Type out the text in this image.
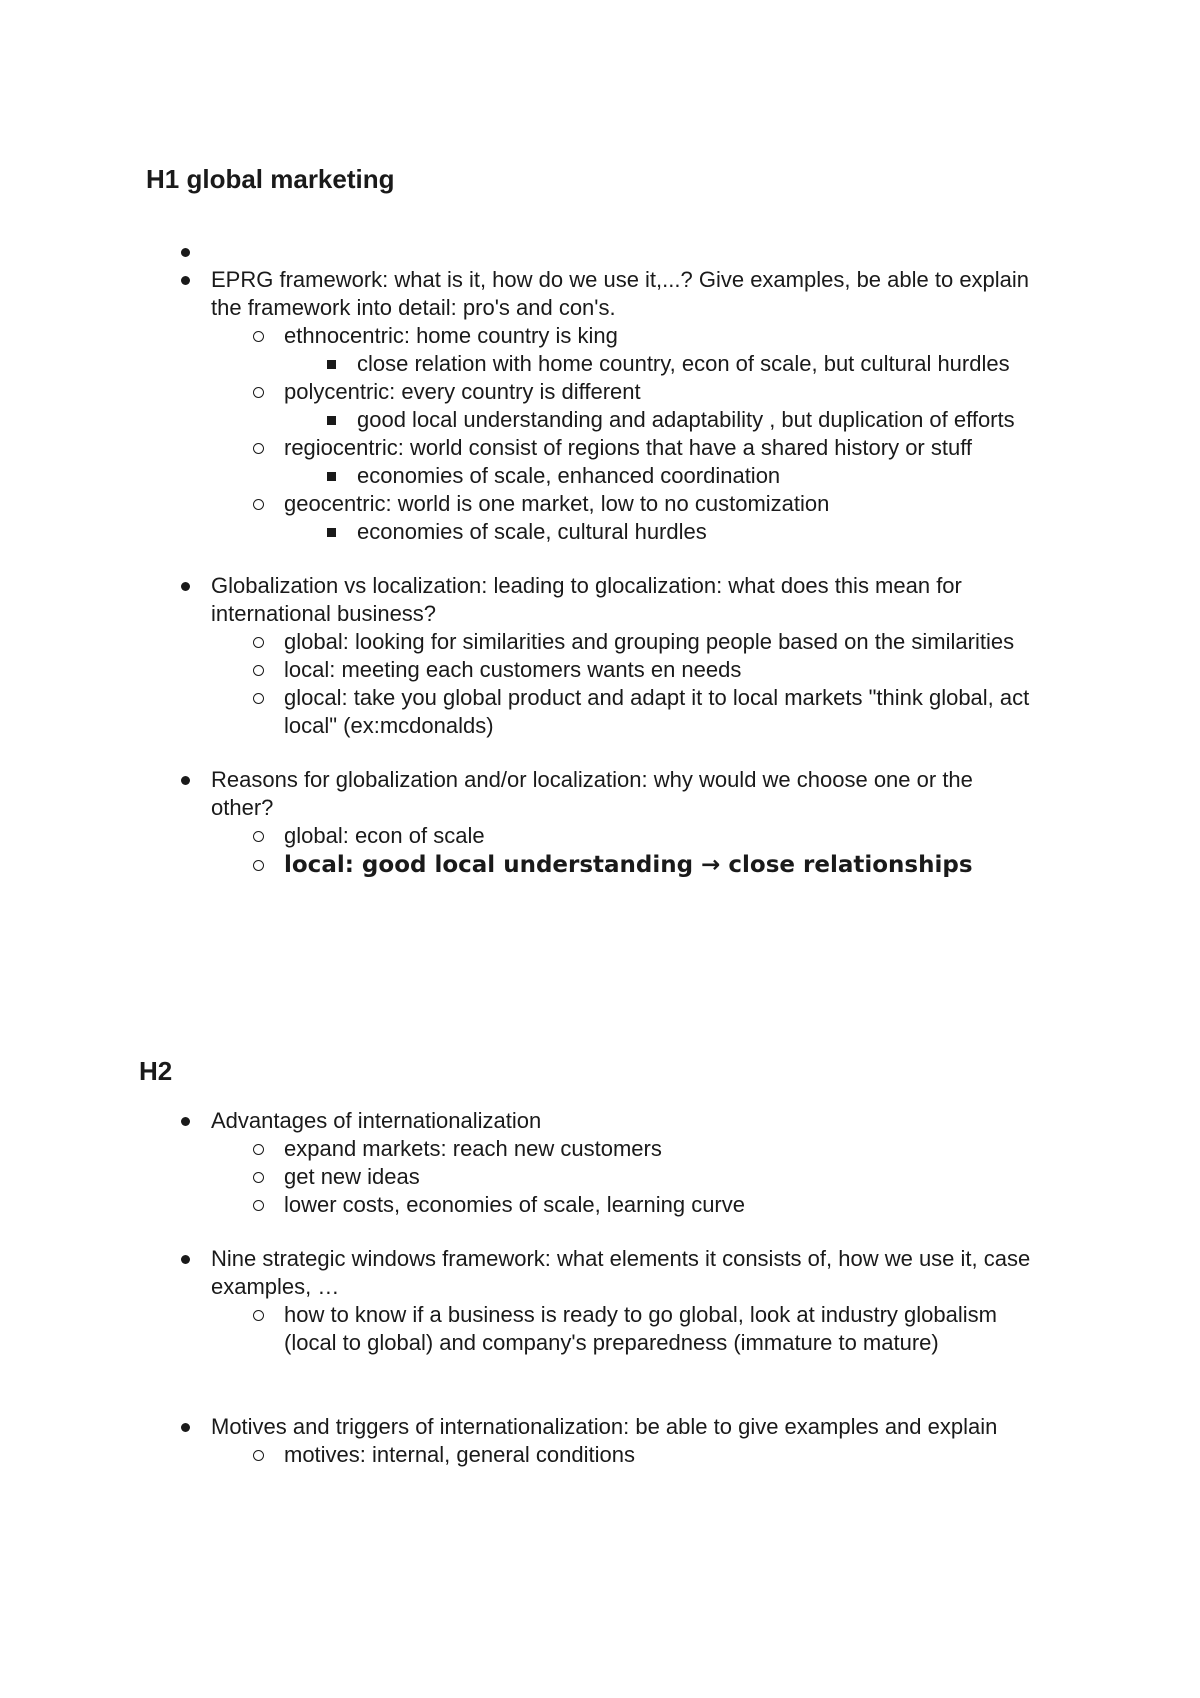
H1 global marketing

EPRG framework: what is it, how do we use it,...? Give examples, be able to explain the framework into detail: pro's and con's.
ethnocentric: home country is king
close relation with home country, econ of scale, but cultural hurdles
polycentric: every country is different
good local understanding and adaptability , but duplication of efforts
regiocentric: world consist of regions that have a shared history or stuff
economies of scale, enhanced coordination
geocentric: world is one market, low to no customization
economies of scale, cultural hurdles
Globalization vs localization: leading to glocalization: what does this mean for international business?
global: looking for similarities and grouping people based on the similarities
local: meeting each customers wants en needs
glocal: take you global product and adapt it to local markets "think global, act local" (ex:mcdonalds)
Reasons for globalization and/or localization: why would we choose one or the other?
global: econ of scale
local: good local understanding → close relationships
H2
Advantages of internationalization
expand markets: reach new customers
get new ideas
lower costs, economies of scale, learning curve
Nine strategic windows framework: what elements it consists of, how we use it, case examples, …
how to know if a business is ready to go global, look at industry globalism (local to global) and company's preparedness (immature to mature)
Motives and triggers of internationalization: be able to give examples and explain
motives: internal, general conditions
